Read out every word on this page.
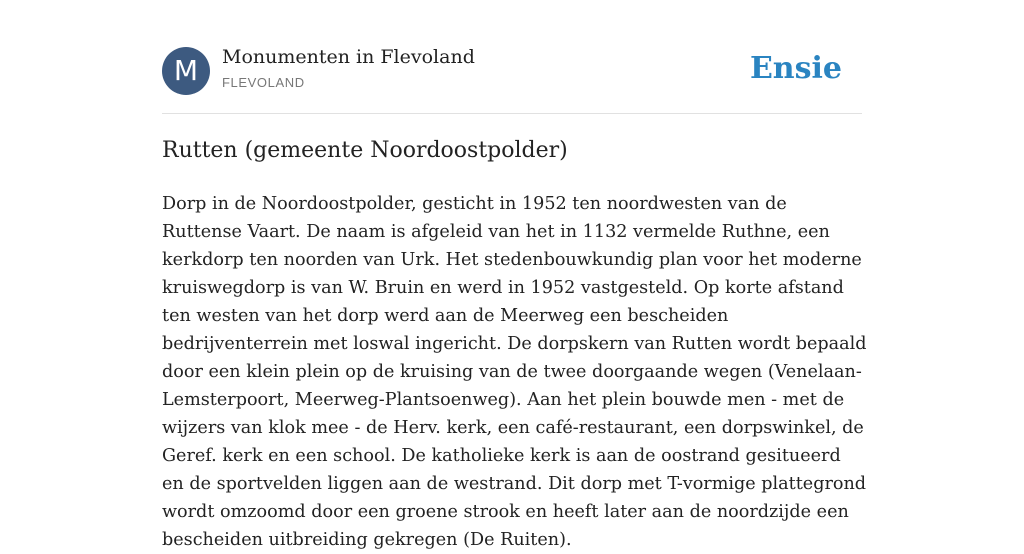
M	Monumenten in Flevoland
FLEVOLAND	Ensie
Rutten (gemeente Noordoostpolder)

Dorp in de Noordoostpolder, gesticht in 1952 ten noordwesten van de Ruttense Vaart. De naam is afgeleid van het in 1132 vermelde Ruthne, een kerkdorp ten noorden van Urk. Het stedenbouwkundig plan voor het moderne kruiswegdorp is van W. Bruin en werd in 1952 vastgesteld. Op korte afstand ten westen van het dorp werd aan de Meerweg een bescheiden bedrijventerrein met loswal ingericht. De dorpskern van Rutten wordt bepaald door een klein plein op de kruising van de twee doorgaande wegen (Venelaan-Lemsterpoort, Meerweg-Plantsoenweg). Aan het plein bouwde men - met de wijzers van klok mee - de Herv. kerk, een café-restaurant, een dorpswinkel, de Geref. kerk en een school. De katholieke kerk is aan de oostrand gesitueerd en de sportvelden liggen aan de westrand. Dit dorp met T-vormige plattegrond wordt omzoomd door een groene strook en heeft later aan de noordzijde een bescheiden uitbreiding gekregen (De Ruiten).
